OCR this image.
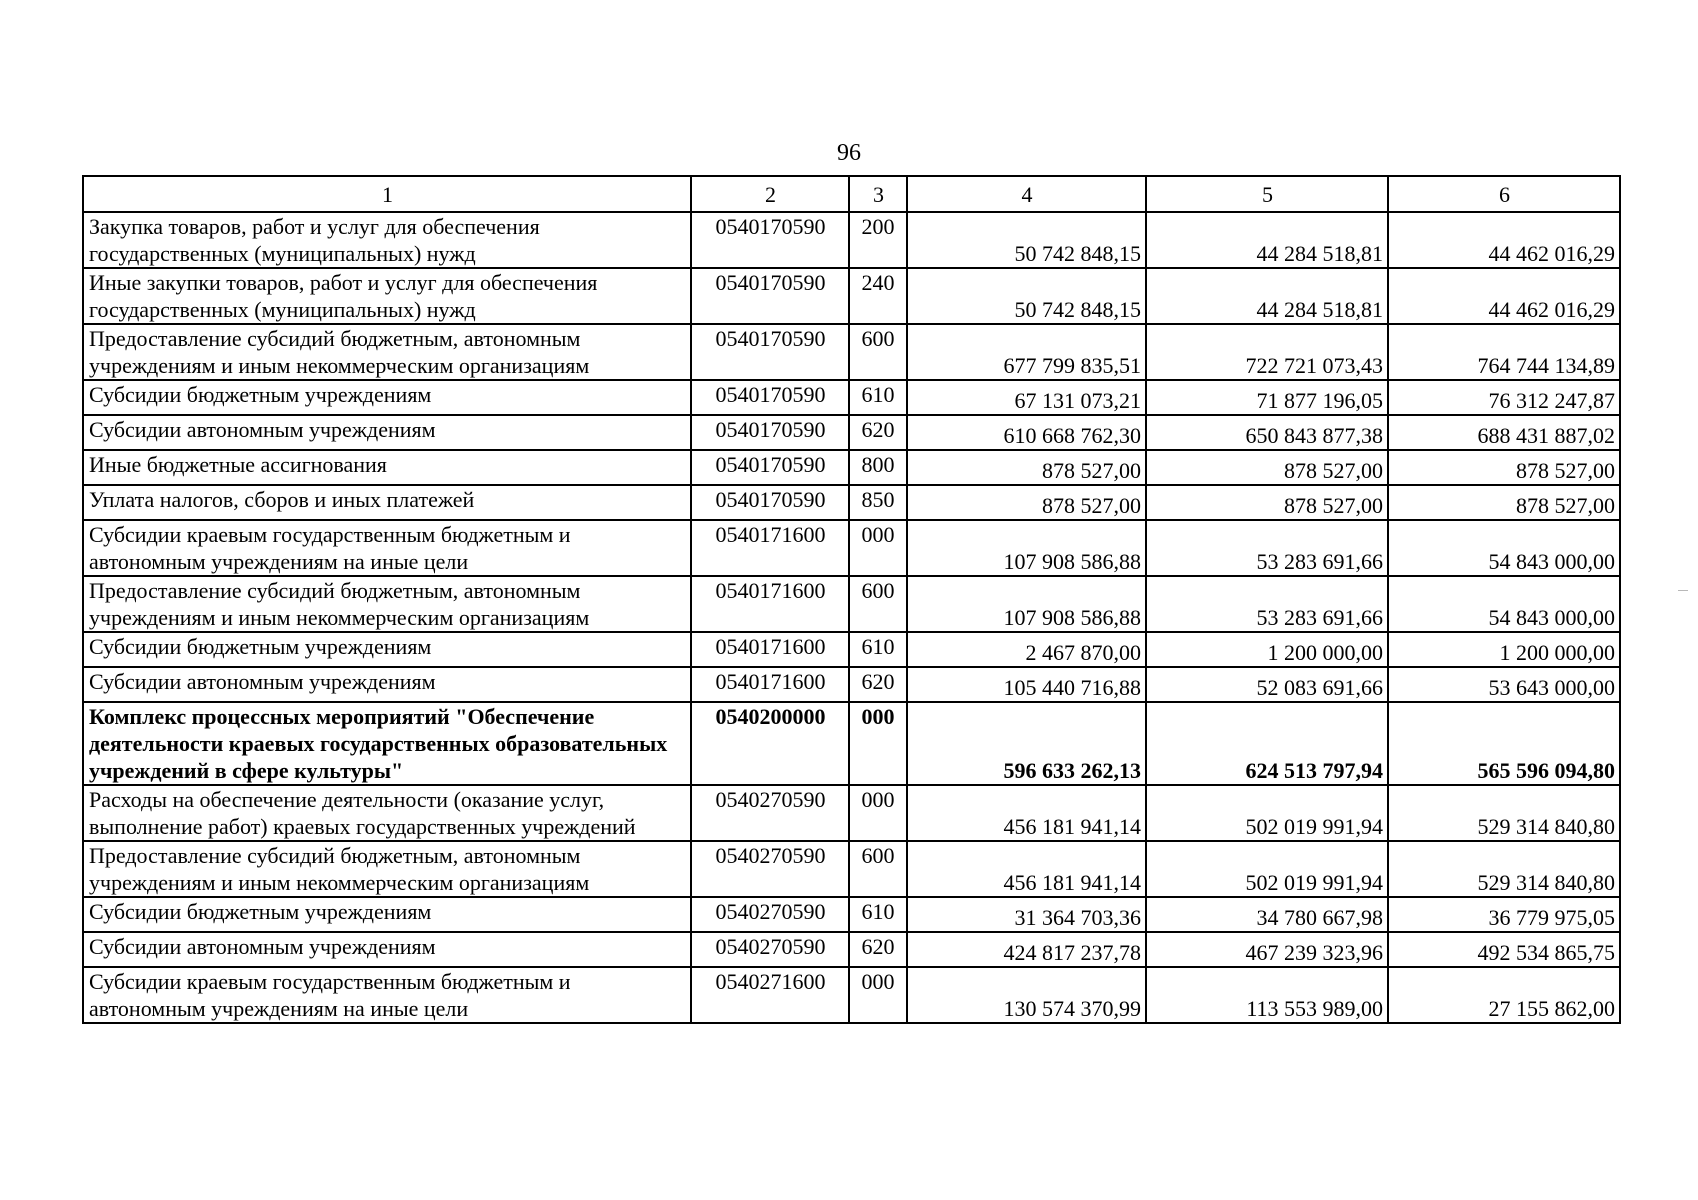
96
1	2	3	4	5	6
Закупка товаров, работ и услуг для обеспечения государственных (муниципальных) нужд	0540170590	200	50 742 848,15	44 284 518,81	44 462 016,29
Иные закупки товаров, работ и услуг для обеспечения государственных (муниципальных) нужд	0540170590	240	50 742 848,15	44 284 518,81	44 462 016,29
Предоставление субсидий бюджетным, автономным учреждениям и иным некоммерческим организациям	0540170590	600	677 799 835,51	722 721 073,43	764 744 134,89
Субсидии бюджетным учреждениям	0540170590	610	67 131 073,21	71 877 196,05	76 312 247,87
Субсидии автономным учреждениям	0540170590	620	610 668 762,30	650 843 877,38	688 431 887,02
Иные бюджетные ассигнования	0540170590	800	878 527,00	878 527,00	878 527,00
Уплата налогов, сборов и иных платежей	0540170590	850	878 527,00	878 527,00	878 527,00
Субсидии краевым государственным бюджетным и автономным учреждениям на иные цели	0540171600	000	107 908 586,88	53 283 691,66	54 843 000,00
Предоставление субсидий бюджетным, автономным учреждениям и иным некоммерческим организациям	0540171600	600	107 908 586,88	53 283 691,66	54 843 000,00
Субсидии бюджетным учреждениям	0540171600	610	2 467 870,00	1 200 000,00	1 200 000,00
Субсидии автономным учреждениям	0540171600	620	105 440 716,88	52 083 691,66	53 643 000,00
Комплекс процессных мероприятий "Обеспечение деятельности краевых государственных образовательных учреждений в сфере культуры"	0540200000	000	596 633 262,13	624 513 797,94	565 596 094,80
Расходы на обеспечение деятельности (оказание услуг, выполнение работ) краевых государственных учреждений	0540270590	000	456 181 941,14	502 019 991,94	529 314 840,80
Предоставление субсидий бюджетным, автономным учреждениям и иным некоммерческим организациям	0540270590	600	456 181 941,14	502 019 991,94	529 314 840,80
Субсидии бюджетным учреждениям	0540270590	610	31 364 703,36	34 780 667,98	36 779 975,05
Субсидии автономным учреждениям	0540270590	620	424 817 237,78	467 239 323,96	492 534 865,75
Субсидии краевым государственным бюджетным и автономным учреждениям на иные цели	0540271600	000	130 574 370,99	113 553 989,00	27 155 862,00
